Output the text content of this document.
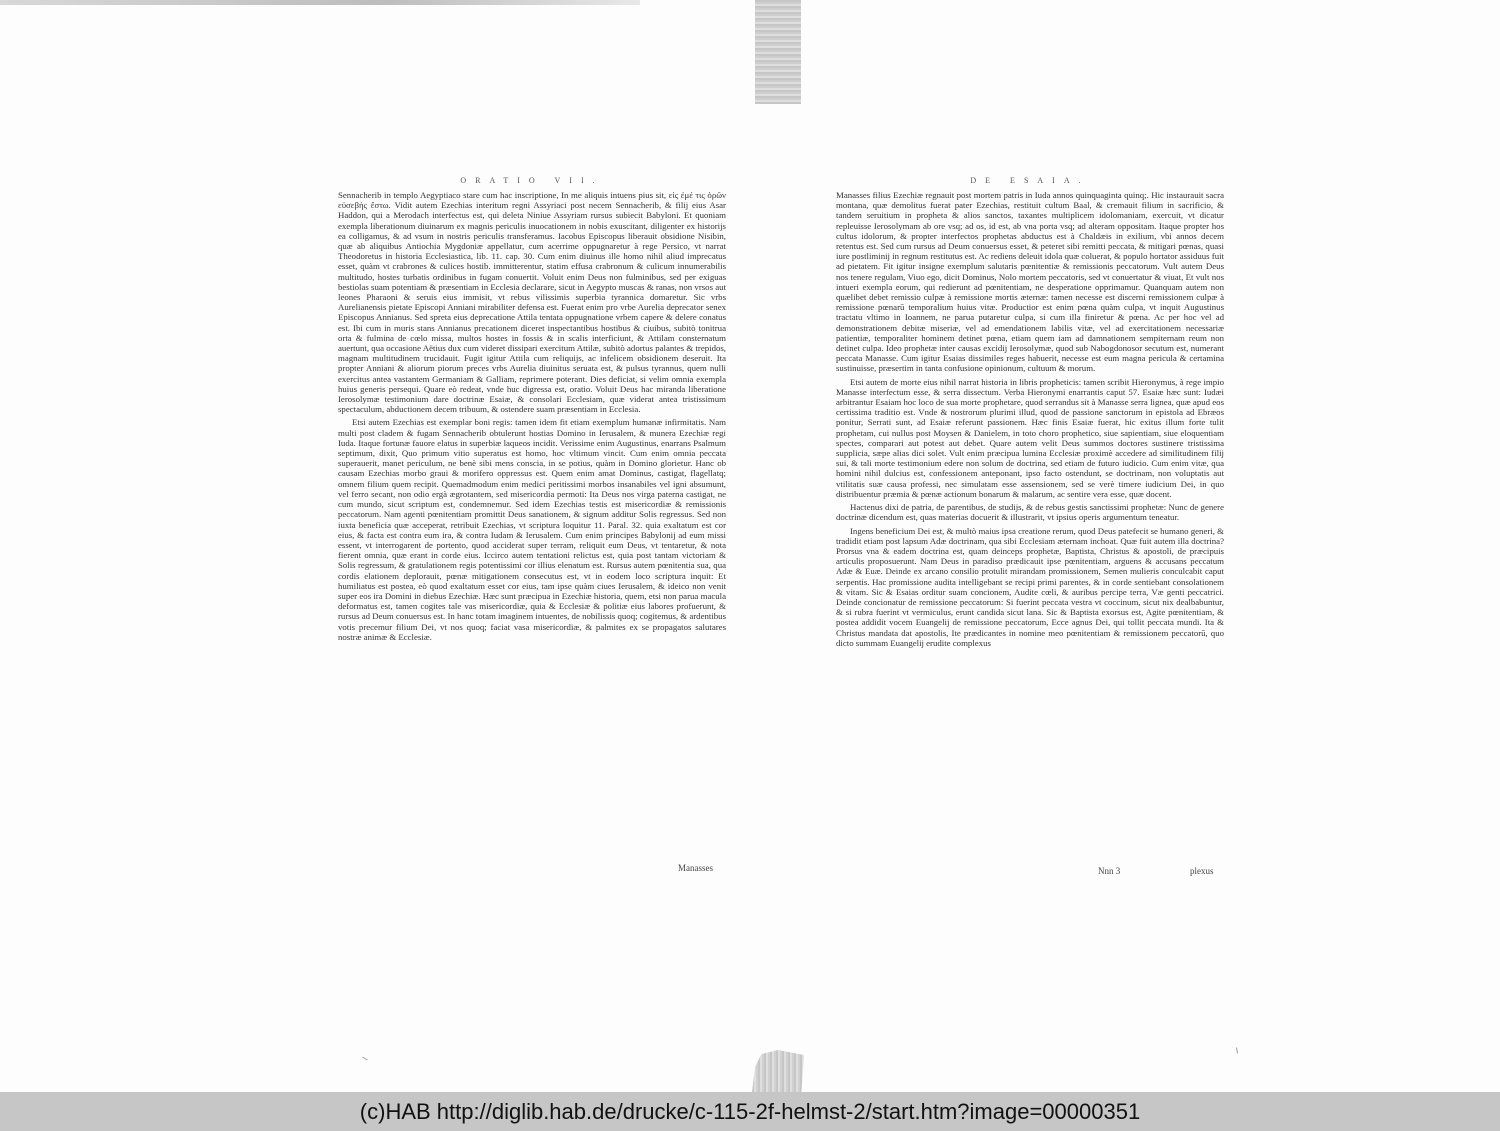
ORATIO VII.

Sennacherib in templo Aegyptiaco stare cum hac inscriptione, In me aliquis intuens pius sit, εἰς ἐμέ τις ὁρῶν εὐσεβὴς ἔστω. Vidit autem Ezechias interitum regni Assyriaci post necem Sennacherib, & filij eius Asar Haddon, qui a Merodach interfectus est, qui deleta Niniue Assyriam rursus subiecit Babyloni. Et quoniam exempla liberationum diuinarum ex magnis periculis inuocationem in nobis exuscitant, diligenter ex historijs ea colligamus, & ad vsum in nostris periculis transferamus. Iacobus Episcopus liberauit obsidione Nisibin, quæ ab aliquibus Antiochia Mygdoniæ appellatur, cum acerrime oppugnaretur à rege Persico, vt narrat Theodoretus in historia Ecclesiastica, lib. 11. cap. 30. Cum enim diuinus ille homo nihil aliud imprecatus esset, quàm vt crabrones & culices hostib. immitterentur, statim effusa crabronum & culicum innumerabilis multitudo, hostes turbatis ordinibus in fugam conuertit. Voluit enim Deus non fulminibus, sed per exiguas bestiolas suam potentiam & præsentiam in Ecclesia declarare, sicut in Aegypto muscas & ranas, non vrsos aut leones Pharaoni & seruis eius immisit, vt rebus vilissimis superbia tyrannica domaretur. Sic vrbs Aurelianensis pietate Episcopi Anniani mirabiliter defensa est. Fuerat enim pro vrbe Aurelia deprecator senex Episcopus Annianus. Sed spreta eius deprecatione Attila tentata oppugnatione vrbem capere & delere conatus est. Ibi cum in muris stans Annianus precationem diceret inspectantibus hostibus & ciuibus, subitò tonitrua orta & fulmina de cœlo missa, multos hostes in fossis & in scalis interficiunt, & Attilam consternatum auertunt, qua occasione Aëtius dux cum videret dissipari exercitum Attilæ, subitò adortus palantes & trepidos, magnam multitudinem trucidauit. Fugit igitur Attila cum reliquijs, ac infelicem obsidionem deseruit. Ita propter Anniani & aliorum piorum preces vrbs Aurelia diuinitus seruata est, & pulsus tyrannus, quem nulli exercitus antea vastantem Germaniam & Galliam, reprimere poterant. Dies deficiat, si velim omnia exempla huius generis persequi. Quare eò redeat, vnde huc digressa est, oratio. Voluit Deus hac miranda liberatione Ierosolymæ testimonium dare doctrinæ Esaiæ, & consolari Ecclesiam, quæ viderat antea tristissimum spectaculum, abductionem decem tribuum, & ostendere suam præsentiam in Ecclesia.

Etsi autem Ezechias est exemplar boni regis: tamen idem fit etiam exemplum humanæ infirmitatis. Nam multi post cladem & fugam Sennacherib obtulerunt hostias Domino in Ierusalem, & munera Ezechiæ regi Iuda. Itaque fortunæ fauore elatus in superbiæ laqueos incidit. Verissime enim Augustinus, enarrans Psalmum septimum, dixit, Quo primum vitio superatus est homo, hoc vltimum vincit. Cum enim omnia peccata superauerit, manet periculum, ne benè sibi mens conscia, in se potius, quàm in Domino glorietur. Hanc ob causam Ezechias morbo graui & morifero oppressus est. Quem enim amat Dominus, castigat, flagellatq; omnem filium quem recipit. Quemadmodum enim medici peritissimi morbos insanabiles vel igni absumunt, vel ferro secant, non odio ergà ægrotantem, sed misericordia permoti: Ita Deus nos virga paterna castigat, ne cum mundo, sicut scriptum est, condemnemur. Sed idem Ezechias testis est misericordiæ & remissionis peccatorum. Nam agenti pœnitentiam promittit Deus sanationem, & signum additur Solis regressus. Sed non iuxta beneficia quæ acceperat, retribuit Ezechias, vt scriptura loquitur 11. Paral. 32. quia exaltatum est cor eius, & facta est contra eum ira, & contra Iudam & Ierusalem. Cum enim principes Babylonij ad eum missi essent, vt interrogarent de portento, quod acciderat super terram, reliquit eum Deus, vt tentaretur, & nota fierent omnia, quæ erant in corde eius. Iccirco autem tentationi relictus est, quia post tantam victoriam & Solis regressum, & gratulationem regis potentissimi cor illius elenatum est. Rursus autem pœnitentia sua, qua cordis elationem deplorauit, pœnæ mitigationem consecutus est, vt in eodem loco scriptura inquit: Et humiliatus est postea, eò quod exaltatum esset cor eius, tam ipse quàm ciues Ierusalem, & ideico non venit super eos ira Domini in diebus Ezechiæ. Hæc sunt præcipua in Ezechiæ historia, quem, etsi non parua macula deformatus est, tamen cogites tale vas misericordiæ, quia & Ecclesiæ & politiæ eius labores profuerunt, & rursus ad Deum conuersus est. In hanc totam imaginem intuentes, de nobilissis quoq; cogitemus, & ardentibus votis precemur filium Dei, vt nos quoq; faciat vasa misericordiæ, & palmites ex se propagatos salutares nostræ animæ & Ecclesiæ.

Manasses
DE ESAIA.

Manasses filius Ezechiæ regnauit post mortem patris in Iuda annos quinquaginta quinq;. Hic instaurauit sacra montana, quæ demolitus fuerat pater Ezechias, restituit cultum Baal, & cremauit filium in sacrificio, & tandem seruitium in propheta & alios sanctos, taxantes multiplicem idolomaniam, exercuit, vt dicatur repleuisse Ierosolymam ab ore vsq; ad os, id est, ab vna porta vsq; ad alteram oppositam. Itaque propter hos cultus idolorum, & propter interfectos prophetas abductus est à Chaldæis in exilium, vbi annos decem retentus est. Sed cum rursus ad Deum conuersus esset, & peteret sibi remitti peccata, & mitigari pœnas, quasi iure postliminij in regnum restitutus est. Ac rediens deleuit idola quæ coluerat, & populo hortator assiduus fuit ad pietatem. Fit igitur insigne exemplum salutaris pœnitentiæ & remissionis peccatorum. Vult autem Deus nos tenere regulam, Viuo ego, dicit Dominus, Nolo mortem peccatoris, sed vt conuertatur & viuat, Et vult nos intueri exempla eorum, qui redierunt ad pœnitentiam, ne desperatione opprimamur. Quanquam autem non quælibet debet remissio culpæ à remissione mortis æternæ: tamen necesse est discerni remissionem culpæ à remissione pœnarū temporalium huius vitæ. Productior est enim pœna quàm culpa, vt inquit Augustinus tractatu vltimo in Ioannem, ne parua putaretur culpa, si cum illa finiretur & pœna. Ac per hoc vel ad demonstrationem debitæ miseriæ, vel ad emendationem labilis vitæ, vel ad exercitationem necessariæ patientiæ, temporaliter hominem detinet pœna, etiam quem iam ad damnationem sempiternam reum non detinet culpa. Ideo prophetæ inter causas excidij Ierosolymæ, quod sub Nabogdonosor secutum est, numerant peccata Manasse. Cum igitur Esaias dissimiles reges habuerit, necesse est eum magna pericula & certamina sustinuisse, præsertim in tanta confusione opinionum, cultuum & morum.

Etsi autem de morte eius nihil narrat historia in libris propheticis: tamen scribit Hieronymus, à rege impio Manasse interfectum esse, & serra dissectum. Verba Hieronymi enarrantis caput 57. Esaiæ hæc sunt: Iudæi arbitrantur Esaiam hoc loco de sua morte prophetare, quod serrandus sit à Manasse serra lignea, quæ apud eos certissima traditio est. Vnde & nostrorum plurimi illud, quod de passione sanctorum in epistola ad Ebræos ponitur, Serrati sunt, ad Esaiæ referunt passionem. Hæc finis Esaiæ fuerat, hic exitus illum forte tulit prophetam, cui nullus post Moysen & Danielem, in toto choro prophetico, siue sapientiam, siue eloquentiam spectes, comparari aut potest aut debet. Quare autem velit Deus summos doctores sustinere tristissima supplicia, sæpe alias dici solet. Vult enim præcipua lumina Ecclesiæ proximè accedere ad similitudinem filij sui, & tali morte testimonium edere non solum de doctrina, sed etiam de futuro iudicio. Cum enim vitæ, qua homini nihil dulcius est, confessionem anteponant, ipso facto ostendunt, se doctrinam, non voluptatis aut vtilitatis suæ causa professi, nec simulatam esse assensionem, sed se verè timere iudicium Dei, in quo distribuentur præmia & pœnæ actionum bonarum & malarum, ac sentire vera esse, quæ docent.

Hactenus dixi de patria, de parentibus, de studijs, & de rebus gestis sanctissimi prophetæ: Nunc de genere doctrinæ dicendum est, quas materias docuerit & illustrarit, vt ipsius operis argumentum teneatur.

Ingens beneficium Dei est, & multò maius ipsa creatione rerum, quod Deus patefecit se humano generi, & tradidit etiam post lapsum Adæ doctrinam, qua sibi Ecclesiam æternam inchoat. Quæ fuit autem illa doctrina? Prorsus vna & eadem doctrina est, quam deinceps prophetæ, Baptista, Christus & apostoli, de præcipuis articulis proposuerunt. Nam Deus in paradiso prædicauit ipse pœnitentiam, arguens & accusans peccatum Adæ & Euæ. Deinde ex arcano consilio protulit mirandam promissionem, Semen mulieris conculcabit caput serpentis. Hac promissione audita intelligebant se recipi primi parentes, & in corde sentiebant consolationem & vitam. Sic & Esaias orditur suam concionem, Audite cœli, & auribus percipe terra, Væ genti peccatrici. Deinde concionatur de remissione peccatorum: Si fuerint peccata vestra vt coccinum, sicut nix dealbabuntur, & si rubra fuerint vt vermiculus, erunt candida sicut lana. Sic & Baptista exorsus est, Agite pœnitentiam, & postea addidit vocem Euangelij de remissione peccatorum, Ecce agnus Dei, qui tollit peccata mundi. Ita & Christus mandata dat apostolis, Ite prædicantes in nomine meo pœnitentiam & remissionem peccatorū, quo dicto summam Euangelij erudite complexus

Nnn 3	plexus
(c)HAB http://diglib.hab.de/drucke/c-115-2f-helmst-2/start.htm?image=00000351
